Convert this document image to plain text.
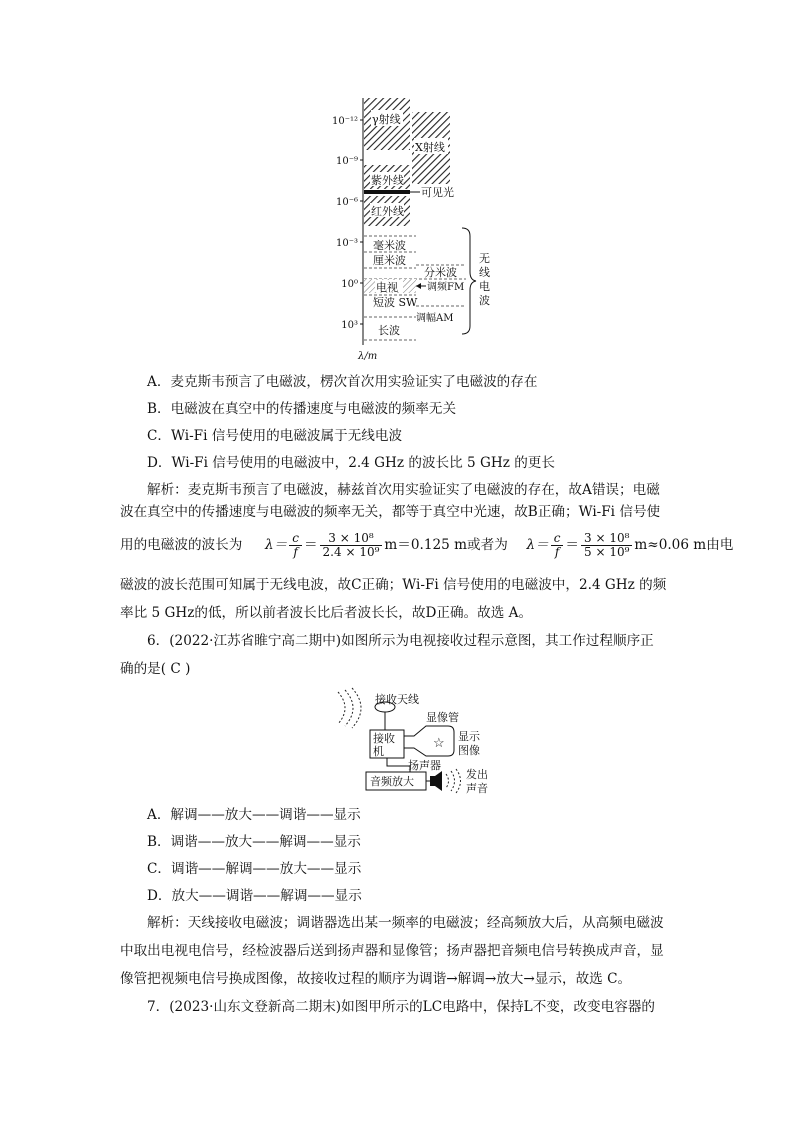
10⁻¹²
10⁻⁹
10⁻⁶
10⁻³
10⁰
10³
λ/m
γ射线
X射线
紫外线
可见光
红外线
毫米波
厘米波
分米波
电视	调频FM
短波 SW
调幅AM
长波
无
线
电
波
A．麦克斯韦预言了电磁波，楞次首次用实验证实了电磁波的存在
B．电磁波在真空中的传播速度与电磁波的频率无关
C．Wi-Fi 信号使用的电磁波属于无线电波
D．Wi-Fi 信号使用的电磁波中，2.4 GHz 的波长比 5 GHz 的更长
解析：麦克斯韦预言了电磁波，赫兹首次用实验证实了电磁波的存在，故A错误；电磁
波在真空中的传播速度与电磁波的频率无关，都等于真空中光速，故B正确；Wi-Fi 信号使
用的电磁波的波长为 $\lambda= \frac{c}{f} = \frac{\text{3 × 10⁸}}{\text{2.4 × 10⁹}} m=0.125$ m或者为 $\lambda= \frac{c}{f} = \frac{\text{3 × 10⁸}}{\text{5 × 10⁹}} m\approx 0.06$ m由电
磁波的波长范围可知属于无线电波，故C正确；Wi-Fi 信号使用的电磁波中，2.4 GHz 的频
率比 5 GHz的低，所以前者波长比后者波长长，故D正确。故选 A。
6．(2022·江苏省睢宁高二期中)如图所示为电视接收过程示意图，其工作过程顺序正
确的是( C )
接收天线
接收
机
显像管
☆ 显示
图像
扬声器
音频放大
发出
声音
A．解调——放大——调谐——显示
B．调谐——放大——解调——显示
C．调谐——解调——放大——显示
D．放大——调谐——解调——显示
解析：天线接收电磁波；调谐器选出某一频率的电磁波；经高频放大后，从高频电磁波
中取出电视电信号，经检波器后送到扬声器和显像管；扬声器把音频电信号转换成声音，显
像管把视频电信号换成图像，故接收过程的顺序为调谐→解调→放大→显示，故选 C。
7．(2023·山东文登新高二期末)如图甲所示的LC电路中，保持L不变，改变电容器的
